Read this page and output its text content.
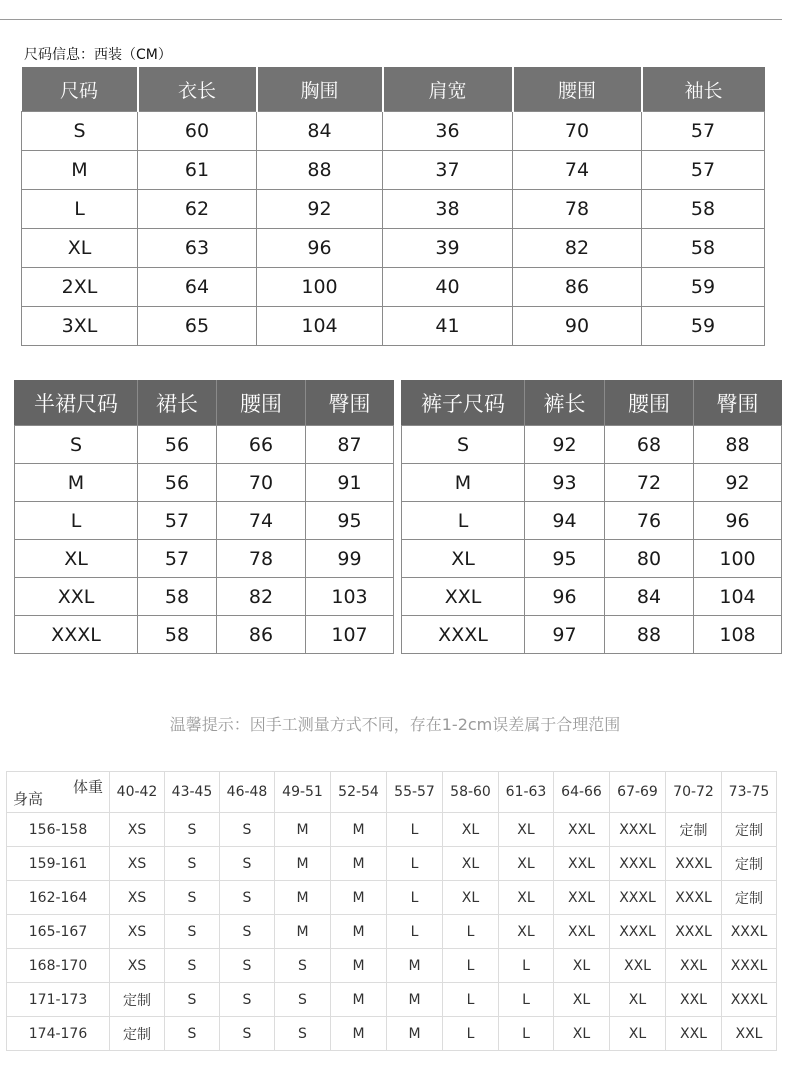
尺码信息：西装（CM）
尺码	衣长	胸围	肩宽	腰围	袖长
S	60	84	36	70	57
M	61	88	37	74	57
L	62	92	38	78	58
XL	63	96	39	82	58
2XL	64	100	40	86	59
3XL	65	104	41	90	59
半裙尺码	裙长	腰围	臀围
S	56	66	87
M	56	70	91
L	57	74	95
XL	57	78	99
XXL	58	82	103
XXXL	58	86	107
裤子尺码	裤长	腰围	臀围
S	92	68	88
M	93	72	92
L	94	76	96
XL	95	80	100
XXL	96	84	104
XXXL	97	88	108
温馨提示：因手工测量方式不同，存在1-2cm误差属于合理范围
体重
身高	40-42	43-45	46-48	49-51	52-54	55-57	58-60	61-63	64-66	67-69	70-72	73-75
156-158	XS	S	S	M	M	L	XL	XL	XXL	XXXL	定制	定制
159-161	XS	S	S	M	M	L	XL	XL	XXL	XXXL	XXXL	定制
162-164	XS	S	S	M	M	L	XL	XL	XXL	XXXL	XXXL	定制
165-167	XS	S	S	M	M	L	L	XL	XXL	XXXL	XXXL	XXXL
168-170	XS	S	S	S	M	M	L	L	XL	XXL	XXL	XXXL
171-173	定制	S	S	S	M	M	L	L	XL	XL	XXL	XXXL
174-176	定制	S	S	S	M	M	L	L	XL	XL	XXL	XXL
